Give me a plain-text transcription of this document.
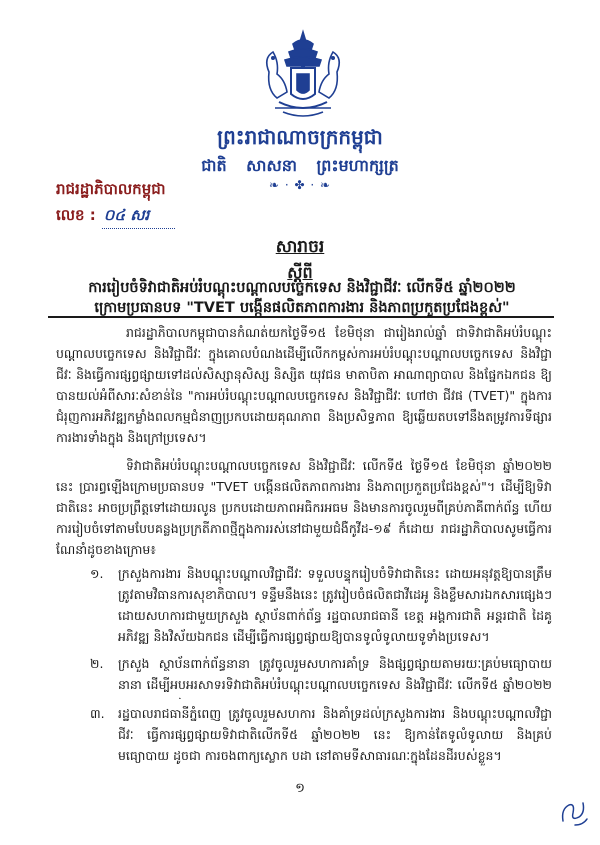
ព្រះរាជាណាចក្រកម្ពុជា
ជាតិ សាសនា ព្រះមហាក្សត្រ
❧ · ✤ · ❧
រាជរដ្ឋាភិបាលកម្ពុជា
លេខ : ០៤ សរ
សារាចរ
ស្តីពី
ការរៀបចំទិវាជាតិអប់រំបណ្តុះបណ្តាលបច្ចេកទេស និងវិជ្ជាជីវៈ លើកទី៥ ឆ្នាំ២០២២
ក្រោមប្រធានបទ "TVET បង្កើនផលិតភាពការងារ និងភាពប្រកួតប្រជែងខ្ពស់"

រាជរដ្ឋាភិបាលកម្ពុជាបានកំណត់យកថ្ងៃទី១៥ ខែមិថុនា ជារៀងរាល់ឆ្នាំ ជាទិវាជាតិអប់រំបណ្តុះបណ្តាលបច្ចេកទេស និងវិជ្ជាជីវៈ ក្នុងគោលបំណងដើម្បីលើកកម្ពស់ការអប់រំបណ្តុះបណ្តាលបច្ចេកទេស និងវិជ្ជាជីវៈ និងធ្វើការផ្សព្វផ្សាយទៅដល់សិស្សានុសិស្ស និស្សិត យុវជន មាតាបិតា អាណាព្យាបាល និងផ្នែកឯកជន ឱ្យបានយល់អំពីសារៈសំខាន់នៃ "ការអប់រំបណ្តុះបណ្តាលបច្ចេកទេស និងវិជ្ជាជីវៈ ហៅថា ជីវផ (TVET)" ក្នុងការជំរុញការអភិវឌ្ឍកម្លាំងពលកម្មជំនាញប្រកបដោយគុណភាព និងប្រសិទ្ធភាព ឱ្យឆ្លើយតបទៅនឹងតម្រូវការទីផ្សារការងារទាំងក្នុង និងក្រៅប្រទេស។

ទិវាជាតិអប់រំបណ្តុះបណ្តាលបច្ចេកទេស និងវិជ្ជាជីវៈ លើកទី៥ ថ្ងៃទី១៥ ខែមិថុនា ឆ្នាំ២០២២ នេះ ប្រារព្ធឡើងក្រោមប្រធានបទ "TVET បង្កើនផលិតភាពការងារ និងភាពប្រកួតប្រជែងខ្ពស់"។ ដើម្បីឱ្យទិវាជាតិនេះ អាចប្រព្រឹត្តទៅដោយរលូន ប្រកបដោយភាពអធិករអធម និងមានការចូលរួមពីគ្រប់ភាគីពាក់ព័ន្ធ ហើយការរៀបចំទៅតាមបែបគន្លងប្រក្រតីភាពថ្មីក្នុងការរស់នៅជាមួយជំងឺកូវីដ-១៩ ក៏ដោយ រាជរដ្ឋាភិបាលសូមធ្វើការណែនាំដូចខាងក្រោម៖

១.	ក្រសួងការងារ និងបណ្តុះបណ្តាលវិជ្ជាជីវៈ ទទួលបន្ទុករៀបចំទិវាជាតិនេះ ដោយអនុវត្តឱ្យបានត្រឹមត្រូវតាមវិធានការសុខាភិបាល។ ទន្ទឹមនឹងនេះ ត្រូវរៀបចំផលិតជាវីដេអូ និងខ្លឹមសារឯកសារផ្សេងៗ ដោយសហការជាមួយក្រសួង ស្ថាប័នពាក់ព័ន្ធ រដ្ឋបាលរាជធានី ខេត្ត អង្គការជាតិ អន្តរជាតិ ដៃគូអភិវឌ្ឍ និងវិស័យឯកជន ដើម្បីធ្វើការផ្សព្វផ្សាយឱ្យបានទូលំទូលាយទូទាំងប្រទេស។
២.	ក្រសួង ស្ថាប័នពាក់ព័ន្ធនានា ត្រូវចូលរួមសហការគាំទ្រ និងផ្សព្វផ្សាយតាមរយៈគ្រប់មធ្យោបាយនានា ដើម្បីអបអរសាទរទិវាជាតិអប់រំបណ្តុះបណ្តាលបច្ចេកទេស និងវិជ្ជាជីវៈ លើកទី៥ ឆ្នាំ២០២២
៣.	រដ្ឋបាលរាជធានីភ្នំពេញ ត្រូវចូលរួមសហការ និងគាំទ្រដល់ក្រសួងការងារ និងបណ្តុះបណ្តាលវិជ្ជាជីវៈ ធ្វើការផ្សព្វផ្សាយទិវាជាតិលើកទី៥ ឆ្នាំ២០២២ នេះ ឱ្យកាន់តែទូលំទូលាយ និងគ្រប់មធ្យោបាយ ដូចជា ការចងពាក្យស្លោក បដា នៅតាមទីសាធារណៈក្នុងដែនដីរបស់ខ្លួន។
១
